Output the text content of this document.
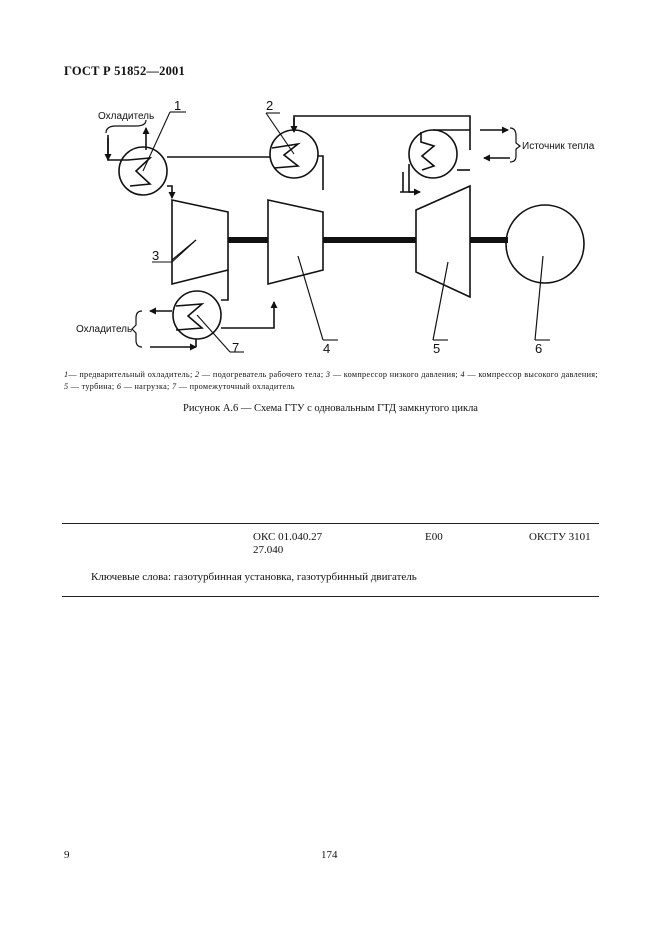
ГОСТ Р 51852—2001
Охладитель
Охладитель
Источник тепла
1	2
3
4	5	6
7
1— предварительный охладитель; 2 — подогреватель рабочего тела; 3 — компрессор низкого давления; 4 — компрессор высокого давления; 5 — турбина; 6 — нагрузка; 7 — промежуточный охладитель
Рисунок А.6 — Схема ГТУ с одновальным ГТД замкнутого цикла
ОКС 01.040.27
27.040
Е00	ОКСТУ 3101
Ключевые слова: газотурбинная установка, газотурбинный двигатель
9	174
